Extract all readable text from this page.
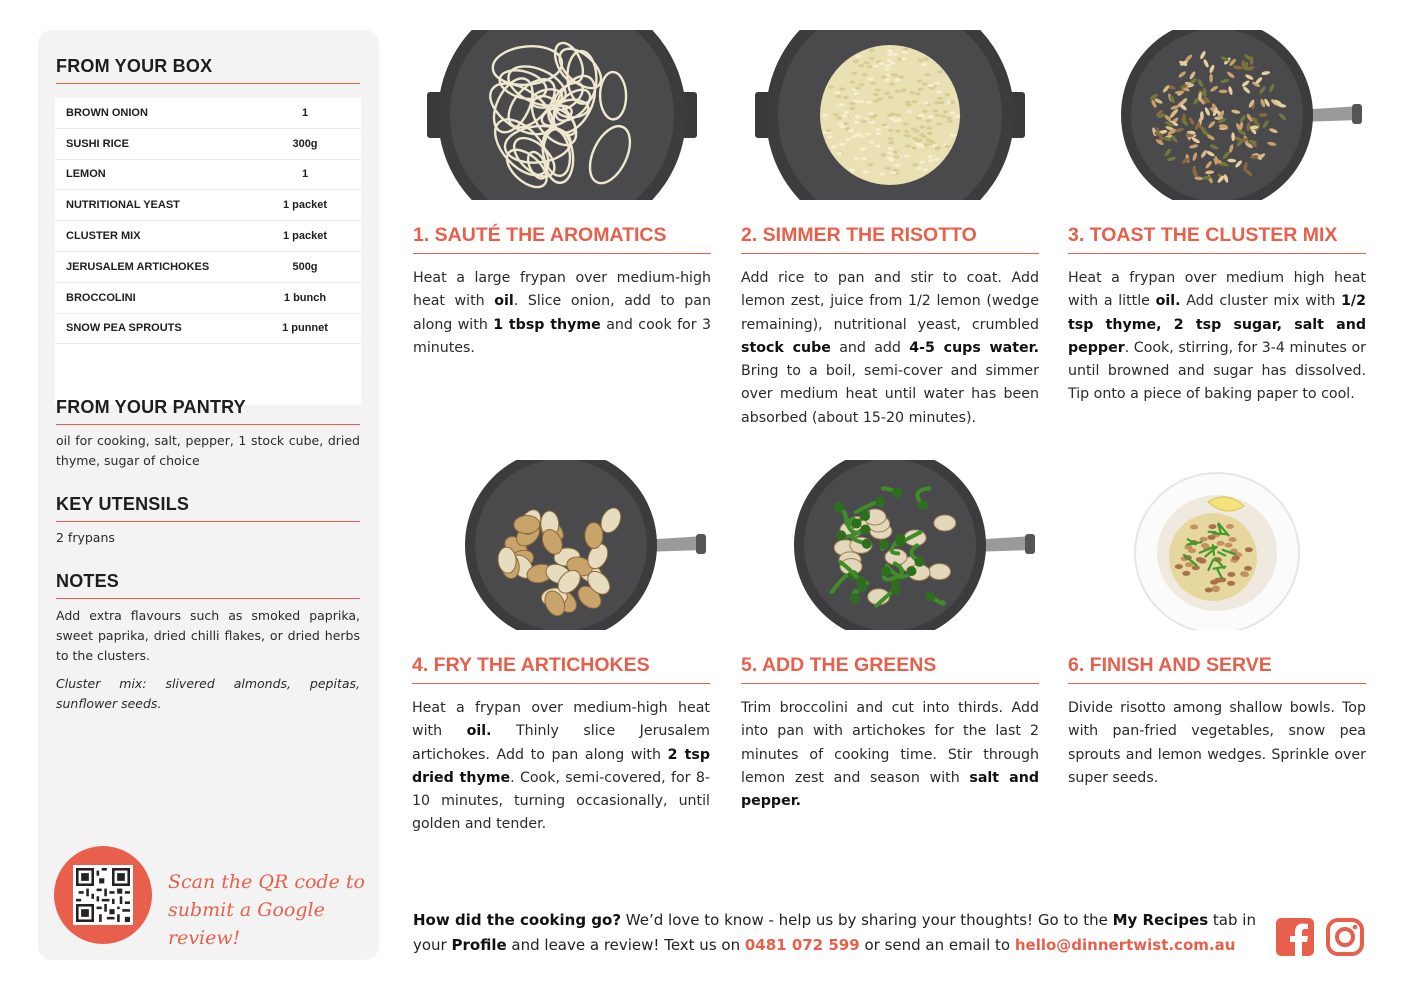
FROM YOUR BOX
BROWN ONION	1
SUSHI RICE	300g
LEMON	1
NUTRITIONAL YEAST	1 packet
CLUSTER MIX	1 packet
JERUSALEM ARTICHOKES	500g
BROCCOLINI	1 bunch
SNOW PEA SPROUTS	1 punnet
FROM YOUR PANTRY
oil for cooking, salt, pepper, 1 stock cube, dried thyme, sugar of choice
KEY UTENSILS
2 frypans
NOTES
Add extra flavours such as smoked paprika, sweet paprika, dried chilli flakes, or dried herbs to the clusters.
Cluster mix: slivered almonds, pepitas, sunflower seeds.
Scan the QR code to
submit a Google review!
1. SAUTÉ THE AROMATICS
Heat a large frypan over medium-high heat with oil. Slice onion, add to pan along with 1 tbsp thyme and cook for 3 minutes.
2. SIMMER THE RISOTTO
Add rice to pan and stir to coat. Add lemon zest, juice from 1/2 lemon (wedge remaining), nutritional yeast, crumbled stock cube and add 4-5 cups water. Bring to a boil, semi-cover and simmer over medium heat until water has been absorbed (about 15-20 minutes).
3. TOAST THE CLUSTER MIX
Heat a frypan over medium high heat with a little oil. Add cluster mix with 1/2 tsp thyme, 2 tsp sugar, salt and pepper. Cook, stirring, for 3-4 minutes or until browned and sugar has dissolved. Tip onto a piece of baking paper to cool.
4. FRY THE ARTICHOKES
Heat a frypan over medium-high heat with oil. Thinly slice Jerusalem artichokes. Add to pan along with 2 tsp dried thyme. Cook, semi-covered, for 8-10 minutes, turning occasionally, until golden and tender.
5. ADD THE GREENS
Trim broccolini and cut into thirds. Add into pan with artichokes for the last 2 minutes of cooking time. Stir through lemon zest and season with salt and pepper.
6. FINISH AND SERVE
Divide risotto among shallow bowls. Top with pan-fried vegetables, snow pea sprouts and lemon wedges. Sprinkle over super seeds.
How did the cooking go? We’d love to know - help us by sharing your thoughts! Go to the My Recipes tab in your Profile and leave a review! Text us on 0481 072 599 or send an email to hello@dinnertwist.com.au
